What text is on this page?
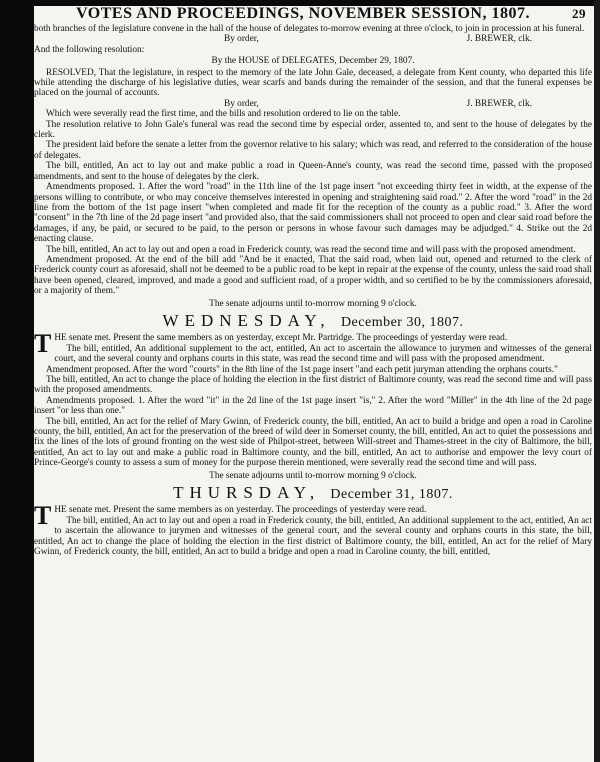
VOTES AND PROCEEDINGS, NOVEMBER SESSION, 1807.	29

both branches of the legislature convene in the hall of the house of delegates to-morrow evening at three o'clock, to join in procession at his funeral.

By order,	J. BREWER, clk.

And the following resolution:

By the HOUSE of DELEGATES, December 29, 1807.

RESOLVED, That the legislature, in respect to the memory of the late John Gale, deceased, a delegate from Kent county, who departed this life while attending the discharge of his legislative duties, wear scarfs and bands during the remainder of the session, and that the funeral expenses be placed on the journal of accounts.

By order,	J. BREWER, clk.

Which were severally read the first time, and the bills and resolution ordered to lie on the table.

The resolution relative to John Gale's funeral was read the second time by especial order, assented to, and sent to the house of delegates by the clerk.

The president laid before the senate a letter from the governor relative to his salary; which was read, and referred to the consideration of the house of delegates.

The bill, entitled, An act to lay out and make public a road in Queen-Anne's county, was read the second time, passed with the proposed amendments, and sent to the house of delegates by the clerk.

Amendments proposed. 1. After the word "road" in the 11th line of the 1st page insert "not exceeding thirty feet in width, at the expense of the persons willing to contribute, or who may conceive themselves interested in opening and straightening said road." 2. After the word "road" in the 2d line from the bottom of the 1st page insert "when completed and made fit for the reception of the county as a public road." 3. After the word "consent" in the 7th line of the 2d page insert "and provided also, that the said commissioners shall not proceed to open and clear said road before the damages, if any, be paid, or secured to be paid, to the person or persons in whose favour such damages may be adjudged." 4. Strike out the 2d enacting clause.

The bill, entitled, An act to lay out and open a road in Frederick county, was read the second time and will pass with the proposed amendment.

Amendment proposed. At the end of the bill add "And be it enacted, That the said road, when laid out, opened and returned to the clerk of Frederick county court as aforesaid, shall not be deemed to be a public road to be kept in repair at the expense of the county, unless the said road shall have been opened, cleared, improved, and made a good and sufficient road, of a proper width, and so certified to be by the commissioners aforesaid, or a majority of them."

The senate adjourns until to-morrow morning 9 o'clock.

WEDNESDAY, December 30, 1807.

THE senate met. Present the same members as on yesterday, except Mr. Partridge. The proceedings of yesterday were read.

The bill, entitled, An additional supplement to the act, entitled, An act to ascertain the allowance to jurymen and witnesses of the general court, and the several county and orphans courts in this state, was read the second time and will pass with the proposed amendment.

Amendment proposed. After the word "courts" in the 8th line of the 1st page insert "and each petit juryman attending the orphans courts."

The bill, entitled, An act to change the place of holding the election in the first district of Baltimore county, was read the second time and will pass with the proposed amendments.

Amendments proposed. 1. After the word "it" in the 2d line of the 1st page insert "is," 2. After the word "Miller" in the 4th line of the 2d page insert "or less than one."

The bill, entitled, An act for the relief of Mary Gwinn, of Frederick county, the bill, entitled, An act to build a bridge and open a road in Caroline county, the bill, entitled, An act for the preservation of the breed of wild deer in Somerset county, the bill, entitled, An act to quiet the possessions and fix the lines of the lots of ground fronting on the west side of Philpot-street, between Will-street and Thames-street in the city of Baltimore, the bill, entitled, An act to lay out and make a public road in Baltimore county, and the bill, entitled, An act to authorise and empower the levy court of Prince-George's county to assess a sum of money for the purpose therein mentioned, were severally read the second time and will pass.

The senate adjourns until to-morrow morning 9 o'clock.

THURSDAY, December 31, 1807.

THE senate met. Present the same members as on yesterday. The proceedings of yesterday were read.

The bill, entitled, An act to lay out and open a road in Frederick county, the bill, entitled, An additional supplement to the act, entitled, An act to ascertain the allowance to jurymen and witnesses of the general court, and the several county and orphans courts in this state, the bill, entitled, An act to change the place of holding the election in the first district of Baltimore county, the bill, entitled, An act for the relief of Mary Gwinn, of Frederick county, the bill, entitled, An act to build a bridge and open a road in Caroline county, the bill, entitled,
